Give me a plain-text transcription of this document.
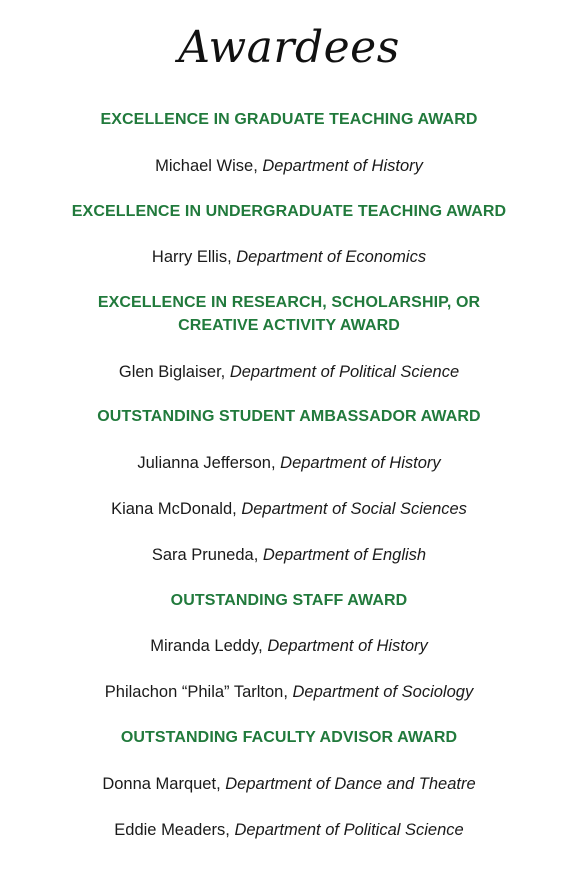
Awardees
EXCELLENCE IN GRADUATE TEACHING AWARD
Michael Wise, Department of History
EXCELLENCE IN UNDERGRADUATE TEACHING AWARD
Harry Ellis, Department of Economics
EXCELLENCE IN RESEARCH, SCHOLARSHIP, OR
CREATIVE ACTIVITY AWARD
Glen Biglaiser, Department of Political Science
OUTSTANDING STUDENT AMBASSADOR AWARD
Julianna Jefferson, Department of History
Kiana McDonald, Department of Social Sciences
Sara Pruneda, Department of English
OUTSTANDING STAFF AWARD
Miranda Leddy, Department of History
Philachon “Phila” Tarlton, Department of Sociology
OUTSTANDING FACULTY ADVISOR AWARD
Donna Marquet, Department of Dance and Theatre
Eddie Meaders, Department of Political Science
